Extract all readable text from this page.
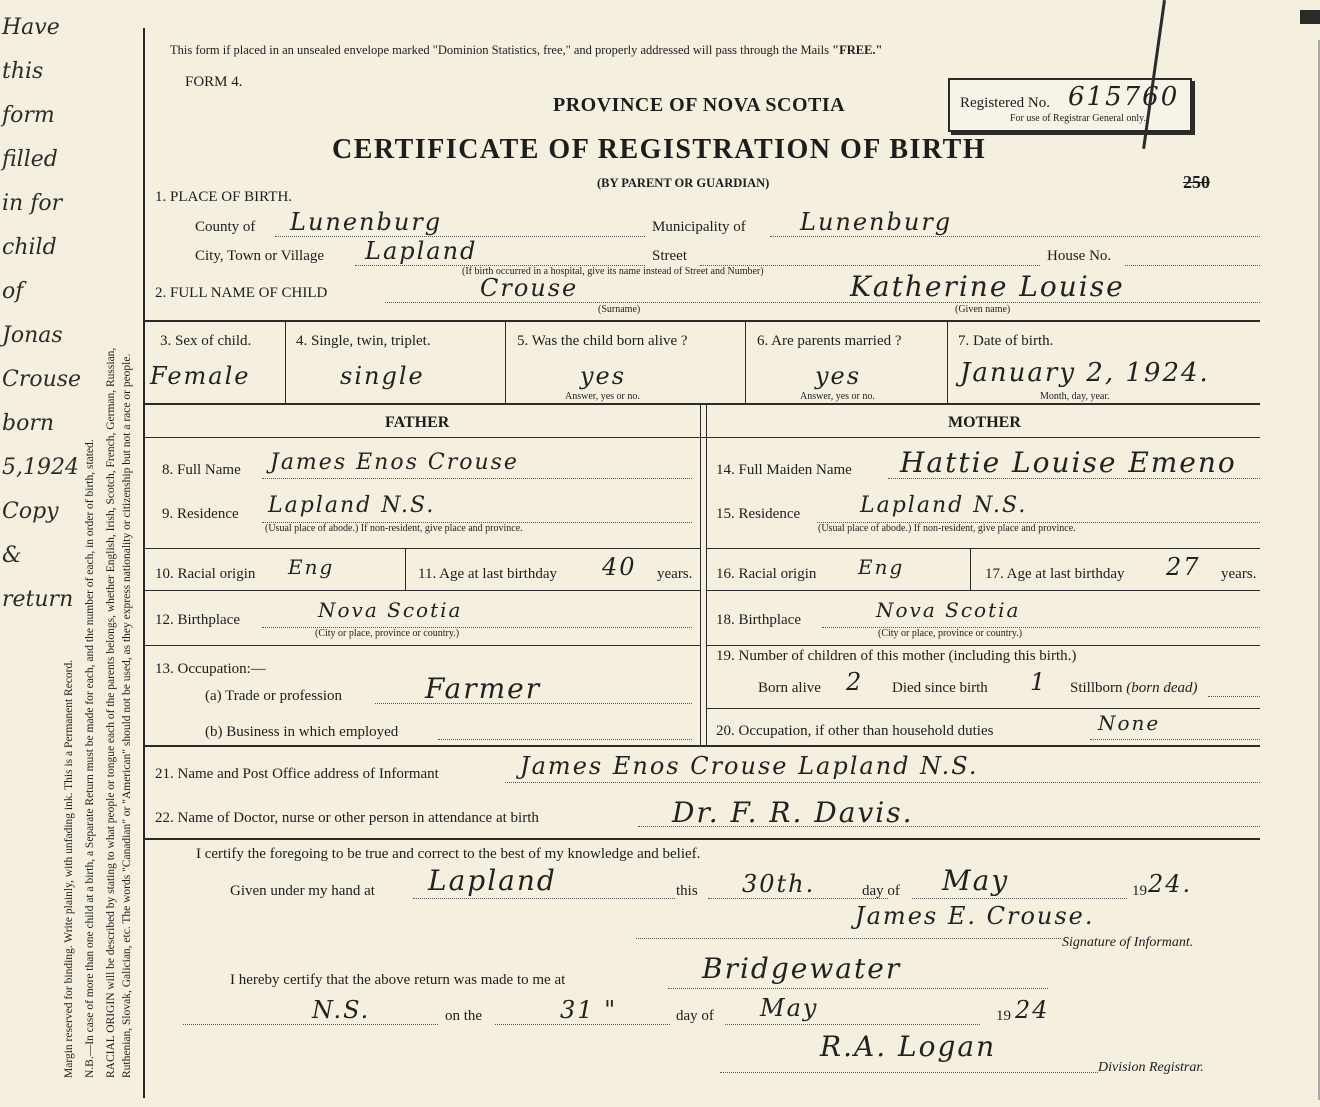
Have this
form filled
in for
child of
Jonas
Crouse
born
5,1924
Copy
&
return
Margin reserved for binding. Write plainly, with unfading ink. This is a Permanent Record. N.B.—In case of more than one child at a birth, a Separate Return must be made for each, and the number of each, in order of birth, stated. RACIAL ORIGIN will be described by stating to what people or tongue each of the parents belongs, whether English, Irish, Scotch, French, German, Russian, Ruthenian, Slovak, Galician, etc. The words "Canadian" or "American" should not be used, as they express nationality or citizenship but not a race or people.
This form if placed in an unsealed envelope marked "Dominion Statistics, free," and properly addressed will pass through the Mails "FREE."
FORM 4.
PROVINCE OF NOVA SCOTIA
CERTIFICATE OF REGISTRATION OF BIRTH
(BY PARENT OR GUARDIAN)
Registered No. 615760
For use of Registrar General only.
250
1. PLACE OF BIRTH.
County of Lunenburg	Municipality of Lunenburg
City, Town or Village Lapland	Street	House No.
(If birth occurred in a hospital, give its name instead of Street and Number)
2. FULL NAME OF CHILD	Crouse	Katherine Louise
(Surname)	(Given name)
3. Sex of child.
Female
4. Single, twin, triplet.
single
5. Was the child born alive ?
yes
Answer, yes or no.
6. Are parents married ?
yes
Answer, yes or no.
7. Date of birth.
January 2, 1924.
Month, day, year.
FATHER	MOTHER
8. Full Name James Enos Crouse
9. Residence Lapland N.S.
(Usual place of abode.) If non-resident, give place and province.
10. Racial origin Eng	11. Age at last birthday 40 years.
12. Birthplace	Nova Scotia
(City or place, province or country.)
13. Occupation:—
(a) Trade or profession	Farmer
(b) Business in which employed
14. Full Maiden Name Hattie Louise Emeno
15. Residence	Lapland N.S.
(Usual place of abode.) If non-resident, give place and province.
16. Racial origin Eng	17. Age at last birthday 27 years.
18. Birthplace	Nova Scotia
(City or place, province or country.)
19. Number of children of this mother (including this birth.)
Born alive 2 Died since birth 1 Stillborn (born dead)
20. Occupation, if other than household duties	None
21. Name and Post Office address of Informant	James Enos Crouse Lapland N.S.
22. Name of Doctor, nurse or other person in attendance at birth	Dr. F. R. Davis.
I certify the foregoing to be true and correct to the best of my knowledge and belief.
Given under my hand at Lapland	this 30th.	day of May	19 24.
James E. Crouse.
Signature of Informant.
I hereby certify that the above return was made to me at	Bridgewater
N.S.	on the	31 "	day of May	19 24
R.A. Logan
Division Registrar.
